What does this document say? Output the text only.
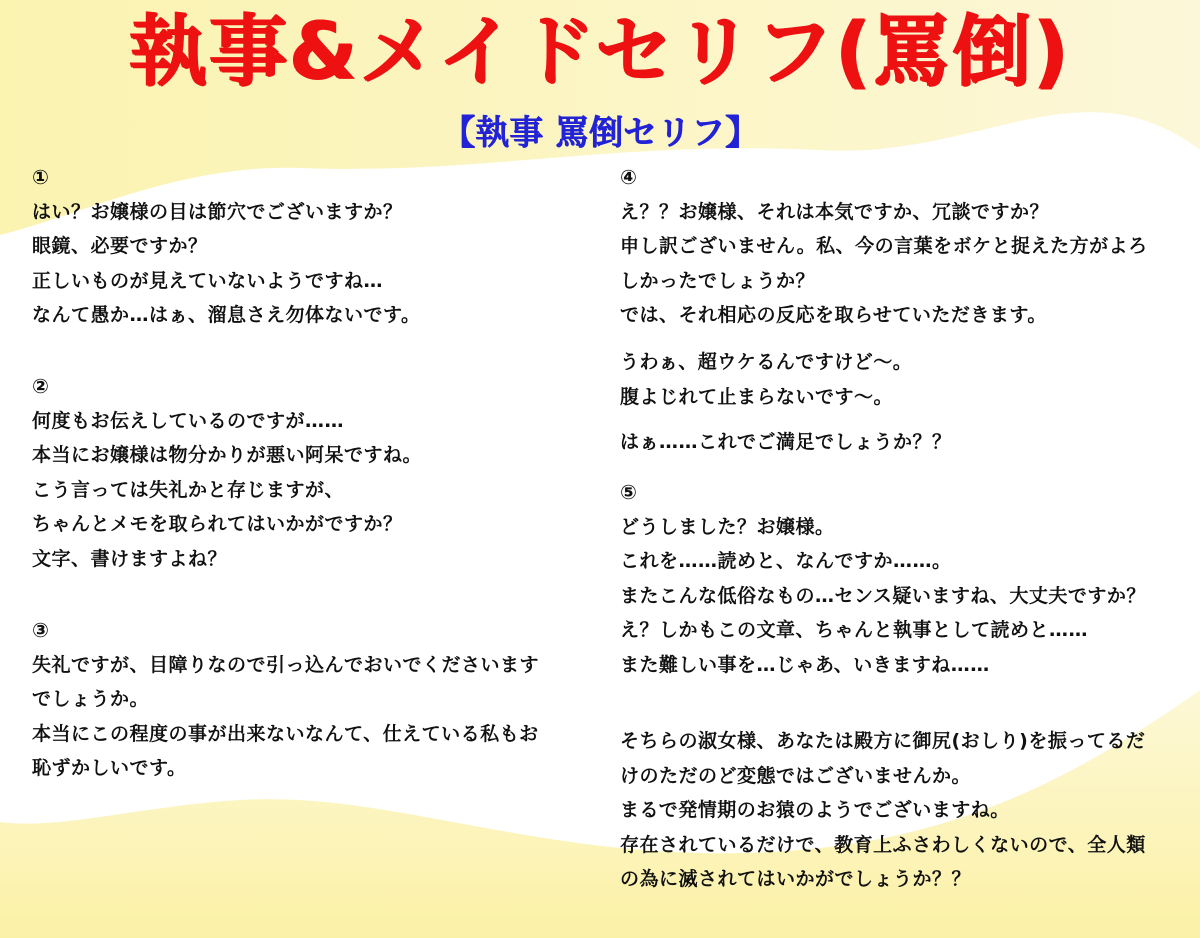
執事&メイドセリフ(罵倒)
【執事 罵倒セリフ】
①
はい？お嬢様の目は節穴でございますか？
眼鏡、必要ですか？
正しいものが見えていないようですね…
なんて愚か…はぁ、溜息さえ勿体ないです。
②
何度もお伝えしているのですが……
本当にお嬢様は物分かりが悪い阿呆ですね。
こう言っては失礼かと存じますが、
ちゃんとメモを取られてはいかがですか？
文字、書けますよね？
③
失礼ですが、目障りなので引っ込んでおいでくださいます
でしょうか。
本当にこの程度の事が出来ないなんて、仕えている私もお
恥ずかしいです。
④
え？？お嬢様、それは本気ですか、冗談ですか？
申し訳ございません。私、今の言葉をボケと捉えた方がよろ
しかったでしょうか？
では、それ相応の反応を取らせていただきます。
うわぁ、超ウケるんですけど～。
腹よじれて止まらないです～。
はぁ……これでご満足でしょうか？？
⑤
どうしました？お嬢様。
これを……読めと、なんですか……。
またこんな低俗なもの…センス疑いますね、大丈夫ですか？
え？しかもこの文章、ちゃんと執事として読めと……
また難しい事を…じゃあ、いきますね……
そちらの淑女様、あなたは殿方に御尻(おしり)を振ってるだ
けのただのど変態ではございませんか。
まるで発情期のお猿のようでございますね。
存在されているだけで、教育上ふさわしくないので、全人類
の為に滅されてはいかがでしょうか？？
